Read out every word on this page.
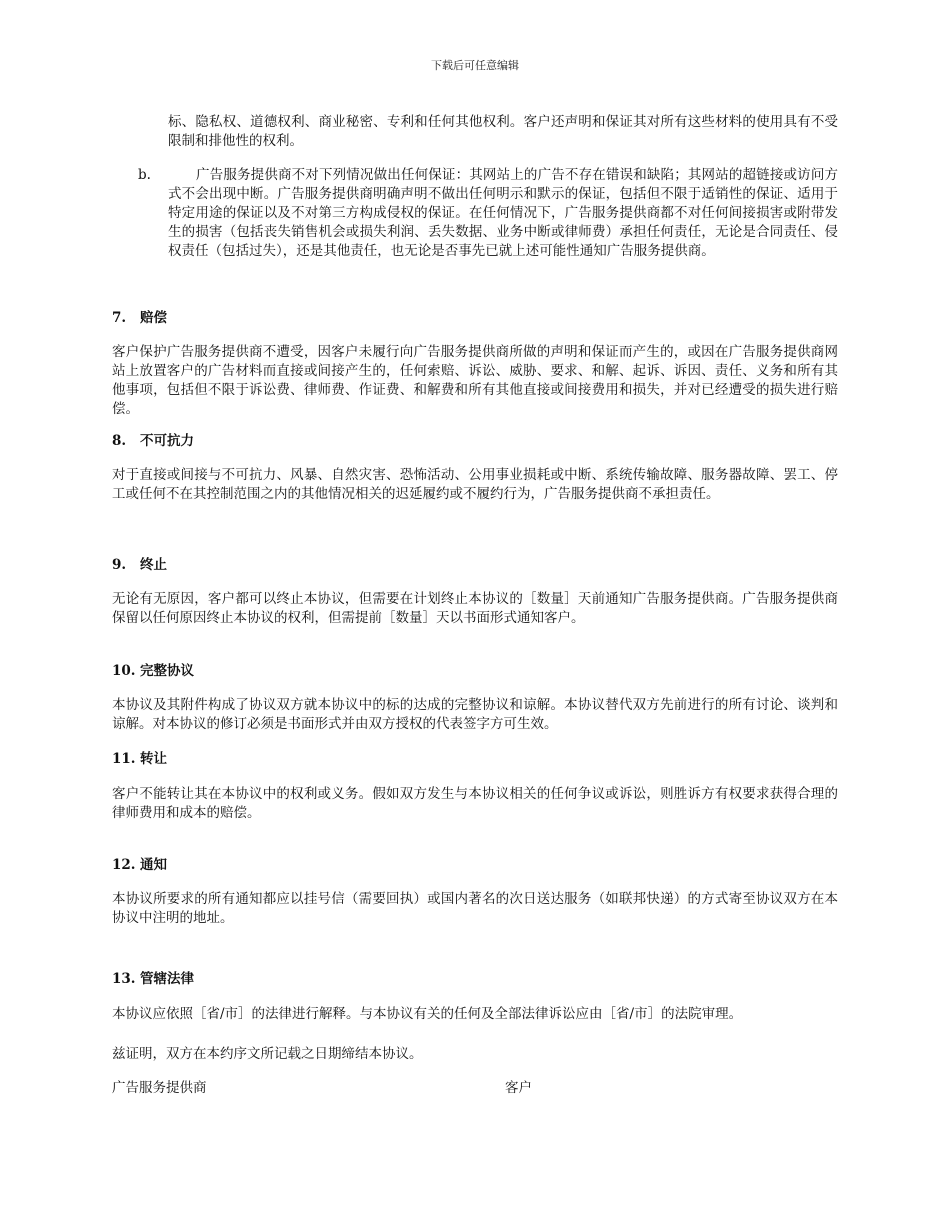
下载后可任意编辑
标、隐私权、道德权利、商业秘密、专利和任何其他权利。客户还声明和保证其对所有这些材料的使用具有不受限制和排他性的权利。
b.	广告服务提供商不对下列情况做出任何保证：其网站上的广告不存在错误和缺陷；其网站的超链接或访问方式不会出现中断。广告服务提供商明确声明不做出任何明示和默示的保证，包括但不限于适销性的保证、适用于特定用途的保证以及不对第三方构成侵权的保证。在任何情况下，广告服务提供商都不对任何间接损害或附带发生的损害（包括丧失销售机会或损失利润、丢失数据、业务中断或律师费）承担任何责任，无论是合同责任、侵权责任（包括过失），还是其他责任，也无论是否事先已就上述可能性通知广告服务提供商。
7. 赔偿
客户保护广告服务提供商不遭受，因客户未履行向广告服务提供商所做的声明和保证而产生的，或因在广告服务提供商网站上放置客户的广告材料而直接或间接产生的，任何索赔、诉讼、威胁、要求、和解、起诉、诉因、责任、义务和所有其他事项，包括但不限于诉讼费、律师费、作证费、和解费和所有其他直接或间接费用和损失，并对已经遭受的损失进行赔偿。
8. 不可抗力
对于直接或间接与不可抗力、风暴、自然灾害、恐怖活动、公用事业损耗或中断、系统传输故障、服务器故障、罢工、停工或任何不在其控制范围之内的其他情况相关的迟延履约或不履约行为，广告服务提供商不承担责任。
9. 终止
无论有无原因，客户都可以终止本协议，但需要在计划终止本协议的［数量］天前通知广告服务提供商。广告服务提供商保留以任何原因终止本协议的权利，但需提前［数量］天以书面形式通知客户。
10. 完整协议
本协议及其附件构成了协议双方就本协议中的标的达成的完整协议和谅解。本协议替代双方先前进行的所有讨论、谈判和谅解。对本协议的修订必须是书面形式并由双方授权的代表签字方可生效。
11. 转让
客户不能转让其在本协议中的权利或义务。假如双方发生与本协议相关的任何争议或诉讼，则胜诉方有权要求获得合理的律师费用和成本的赔偿。
12. 通知
本协议所要求的所有通知都应以挂号信（需要回执）或国内著名的次日送达服务（如联邦快递）的方式寄至协议双方在本协议中注明的地址。
13. 管辖法律
本协议应依照［省/市］的法律进行解释。与本协议有关的任何及全部法律诉讼应由［省/市］的法院审理。
兹证明，双方在本约序文所记载之日期缔结本协议。
广告服务提供商	客户
